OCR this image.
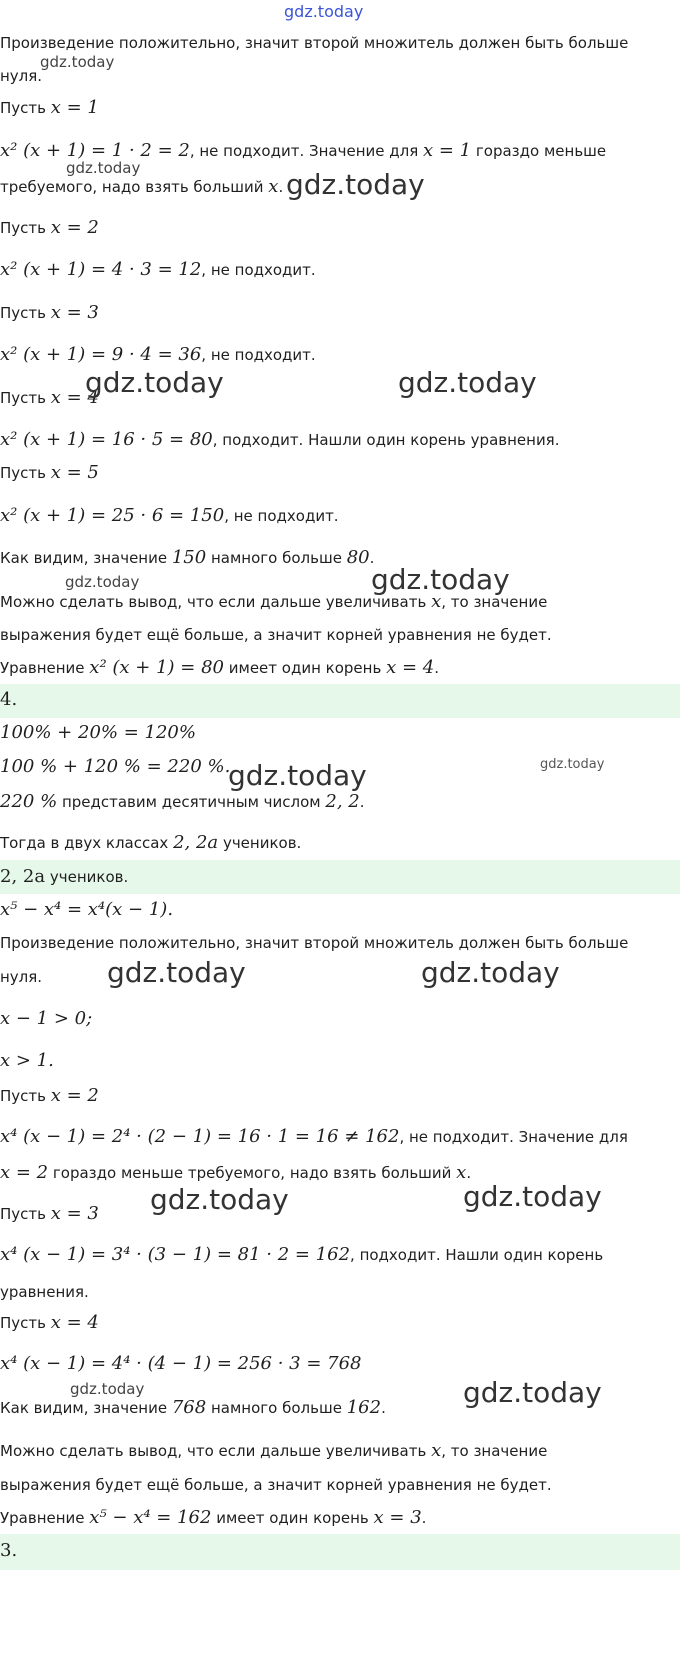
Произведение положительно, значит второй множитель должен быть больше

нуля.

Пусть x = 1

x² (x + 1) = 1 · 2 = 2, не подходит. Значение для x = 1 гораздо меньше

требуемого, надо взять больший x.

Пусть x = 2

x² (x + 1) = 4 · 3 = 12, не подходит.

Пусть x = 3

x² (x + 1) = 9 · 4 = 36, не подходит.

Пусть x = 4

x² (x + 1) = 16 · 5 = 80, подходит. Нашли один корень уравнения.

Пусть x = 5

x² (x + 1) = 25 · 6 = 150, не подходит.

Как видим, значение 150 намного больше 80.

Можно сделать вывод, что если дальше увеличивать x, то значение

выражения будет ещё больше, а значит корней уравнения не будет.

Уравнение x² (x + 1) = 80 имеет один корень x = 4.

4.

100% + 20% = 120%

100 % + 120 % = 220 %.

220 % представим десятичным числом 2, 2.

Тогда в двух классах 2, 2a учеников.

2, 2a учеников.

x⁵ − x⁴ = x⁴(x − 1).

Произведение положительно, значит второй множитель должен быть больше

нуля.

x − 1 > 0;

x > 1.

Пусть x = 2

x⁴ (x − 1) = 2⁴ · (2 − 1) = 16 · 1 = 16 ≠ 162, не подходит. Значение для

x = 2 гораздо меньше требуемого, надо взять больший x.

Пусть x = 3

x⁴ (x − 1) = 3⁴ · (3 − 1) = 81 · 2 = 162, подходит. Нашли один корень

уравнения.

Пусть x = 4

x⁴ (x − 1) = 4⁴ · (4 − 1) = 256 · 3 = 768

Как видим, значение 768 намного больше 162.

Можно сделать вывод, что если дальше увеличивать x, то значение

выражения будет ещё больше, а значит корней уравнения не будет.

Уравнение x⁵ − x⁴ = 162 имеет один корень x = 3.

3.

gdz.today
gdz.today
gdz.today	gdz.today
gdz.today	gdz.today
gdz.today	gdz.today
gdz.today	gdz.today
gdz.today	gdz.today
gdz.today	gdz.today
gdz.today	gdz.today
